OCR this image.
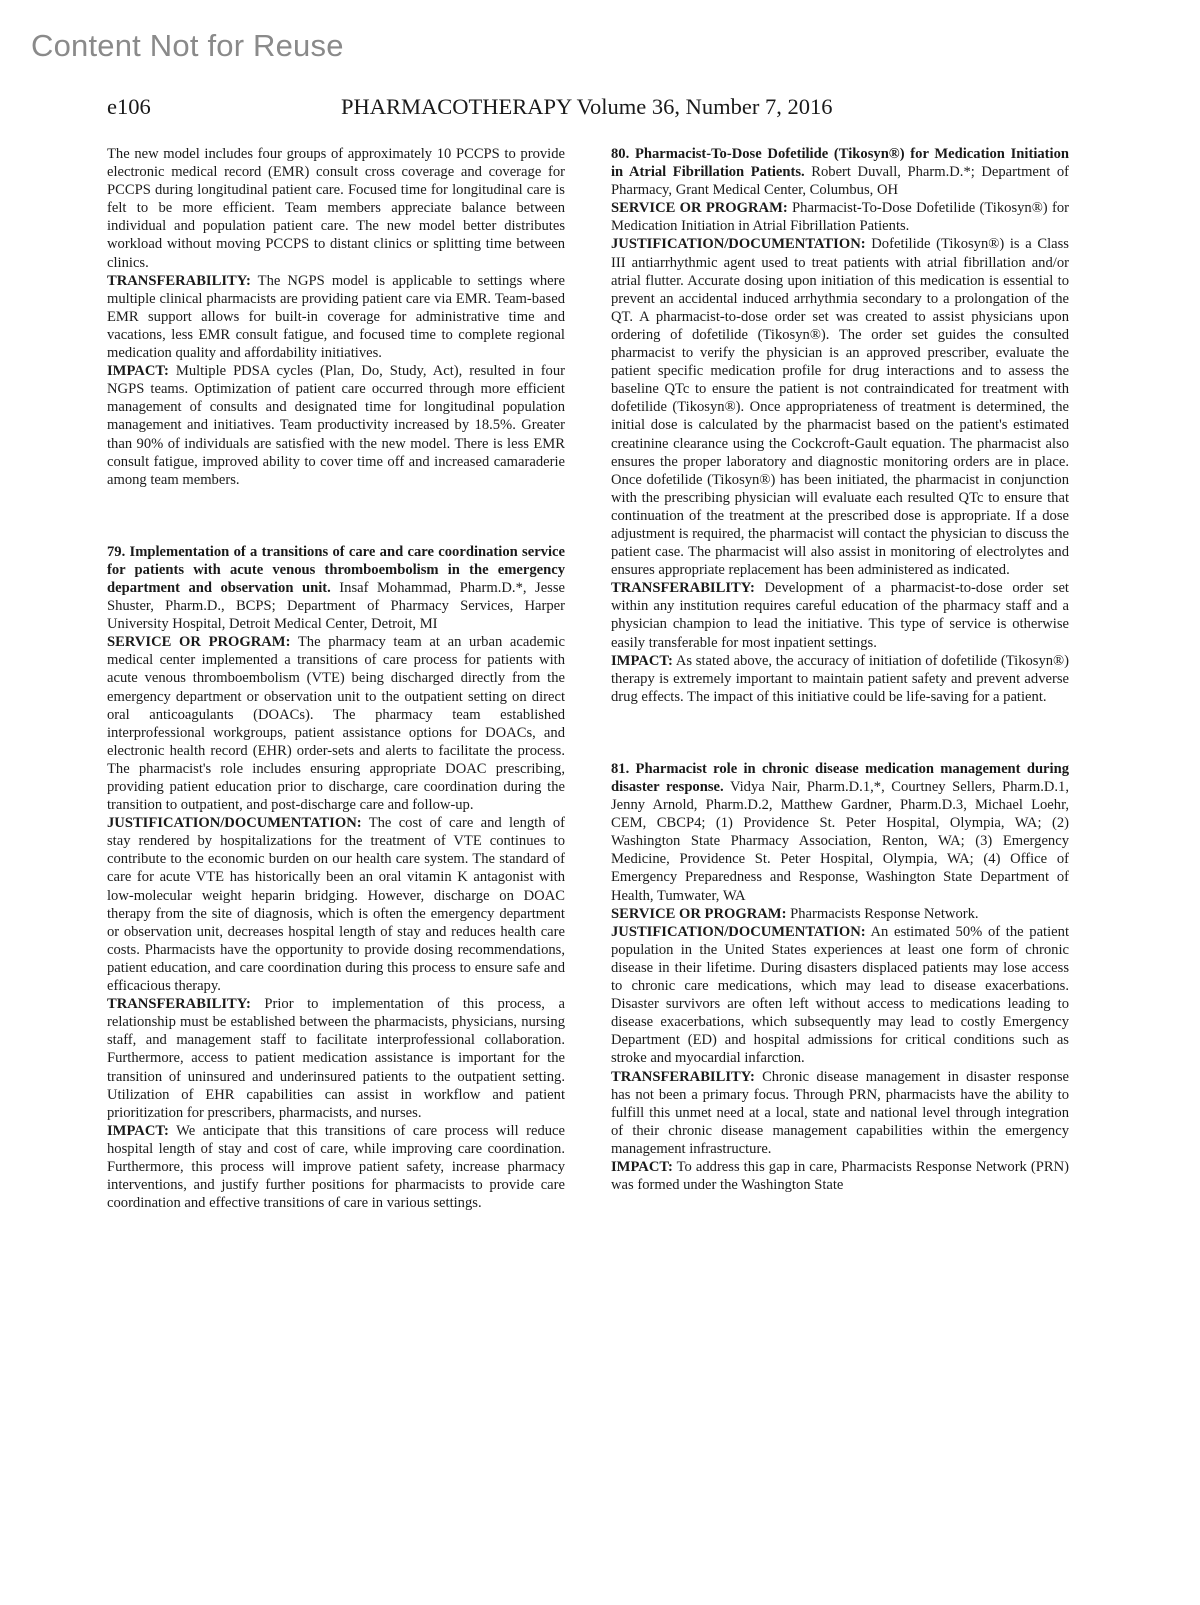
Content Not for Reuse
e106	PHARMACOTHERAPY Volume 36, Number 7, 2016

The new model includes four groups of approximately 10 PCCPS to provide electronic medical record (EMR) consult cross coverage and coverage for PCCPS during longitudinal patient care. Focused time for longitudinal care is felt to be more efficient. Team members appreciate balance between individual and population patient care. The new model better distributes workload without moving PCCPS to distant clinics or splitting time between clinics.

TRANSFERABILITY: The NGPS model is applicable to settings where multiple clinical pharmacists are providing patient care via EMR. Team-based EMR support allows for built-in coverage for administrative time and vacations, less EMR consult fatigue, and focused time to complete regional medication quality and affordability initiatives.

IMPACT: Multiple PDSA cycles (Plan, Do, Study, Act), resulted in four NGPS teams. Optimization of patient care occurred through more efficient management of consults and designated time for longitudinal population management and initiatives. Team productivity increased by 18.5%. Greater than 90% of individuals are satisfied with the new model. There is less EMR consult fatigue, improved ability to cover time off and increased camaraderie among team members.

79. Implementation of a transitions of care and care coordination service for patients with acute venous thromboembolism in the emergency department and observation unit. Insaf Mohammad, Pharm.D.*, Jesse Shuster, Pharm.D., BCPS; Department of Pharmacy Services, Harper University Hospital, Detroit Medical Center, Detroit, MI

SERVICE OR PROGRAM: The pharmacy team at an urban academic medical center implemented a transitions of care process for patients with acute venous thromboembolism (VTE) being discharged directly from the emergency department or observation unit to the outpatient setting on direct oral anticoagulants (DOACs). The pharmacy team established interprofessional workgroups, patient assistance options for DOACs, and electronic health record (EHR) order-sets and alerts to facilitate the process. The pharmacist's role includes ensuring appropriate DOAC prescribing, providing patient education prior to discharge, care coordination during the transition to outpatient, and post-discharge care and follow-up.

JUSTIFICATION/DOCUMENTATION: The cost of care and length of stay rendered by hospitalizations for the treatment of VTE continues to contribute to the economic burden on our health care system. The standard of care for acute VTE has historically been an oral vitamin K antagonist with low-molecular weight heparin bridging. However, discharge on DOAC therapy from the site of diagnosis, which is often the emergency department or observation unit, decreases hospital length of stay and reduces health care costs. Pharmacists have the opportunity to provide dosing recommendations, patient education, and care coordination during this process to ensure safe and efficacious therapy.

TRANSFERABILITY: Prior to implementation of this process, a relationship must be established between the pharmacists, physicians, nursing staff, and management staff to facilitate interprofessional collaboration. Furthermore, access to patient medication assistance is important for the transition of uninsured and underinsured patients to the outpatient setting. Utilization of EHR capabilities can assist in workflow and patient prioritization for prescribers, pharmacists, and nurses.

IMPACT: We anticipate that this transitions of care process will reduce hospital length of stay and cost of care, while improving care coordination. Furthermore, this process will improve patient safety, increase pharmacy interventions, and justify further positions for pharmacists to provide care coordination and effective transitions of care in various settings.

80. Pharmacist-To-Dose Dofetilide (Tikosyn®) for Medication Initiation in Atrial Fibrillation Patients. Robert Duvall, Pharm.D.*; Department of Pharmacy, Grant Medical Center, Columbus, OH

SERVICE OR PROGRAM: Pharmacist-To-Dose Dofetilide (Tikosyn®) for Medication Initiation in Atrial Fibrillation Patients.

JUSTIFICATION/DOCUMENTATION: Dofetilide (Tikosyn®) is a Class III antiarrhythmic agent used to treat patients with atrial fibrillation and/or atrial flutter. Accurate dosing upon initiation of this medication is essential to prevent an accidental induced arrhythmia secondary to a prolongation of the QT. A pharmacist-to-dose order set was created to assist physicians upon ordering of dofetilide (Tikosyn®). The order set guides the consulted pharmacist to verify the physician is an approved prescriber, evaluate the patient specific medication profile for drug interactions and to assess the baseline QTc to ensure the patient is not contraindicated for treatment with dofetilide (Tikosyn®). Once appropriateness of treatment is determined, the initial dose is calculated by the pharmacist based on the patient's estimated creatinine clearance using the Cockcroft-Gault equation. The pharmacist also ensures the proper laboratory and diagnostic monitoring orders are in place. Once dofetilide (Tikosyn®) has been initiated, the pharmacist in conjunction with the prescribing physician will evaluate each resulted QTc to ensure that continuation of the treatment at the prescribed dose is appropriate. If a dose adjustment is required, the pharmacist will contact the physician to discuss the patient case. The pharmacist will also assist in monitoring of electrolytes and ensures appropriate replacement has been administered as indicated.

TRANSFERABILITY: Development of a pharmacist-to-dose order set within any institution requires careful education of the pharmacy staff and a physician champion to lead the initiative. This type of service is otherwise easily transferable for most inpatient settings.

IMPACT: As stated above, the accuracy of initiation of dofetilide (Tikosyn®) therapy is extremely important to maintain patient safety and prevent adverse drug effects. The impact of this initiative could be life-saving for a patient.

81. Pharmacist role in chronic disease medication management during disaster response. Vidya Nair, Pharm.D.1,*, Courtney Sellers, Pharm.D.1, Jenny Arnold, Pharm.D.2, Matthew Gardner, Pharm.D.3, Michael Loehr, CEM, CBCP4; (1) Providence St. Peter Hospital, Olympia, WA; (2) Washington State Pharmacy Association, Renton, WA; (3) Emergency Medicine, Providence St. Peter Hospital, Olympia, WA; (4) Office of Emergency Preparedness and Response, Washington State Department of Health, Tumwater, WA

SERVICE OR PROGRAM: Pharmacists Response Network.

JUSTIFICATION/DOCUMENTATION: An estimated 50% of the patient population in the United States experiences at least one form of chronic disease in their lifetime. During disasters displaced patients may lose access to chronic care medications, which may lead to disease exacerbations. Disaster survivors are often left without access to medications leading to disease exacerbations, which subsequently may lead to costly Emergency Department (ED) and hospital admissions for critical conditions such as stroke and myocardial infarction.

TRANSFERABILITY: Chronic disease management in disaster response has not been a primary focus. Through PRN, pharmacists have the ability to fulfill this unmet need at a local, state and national level through integration of their chronic disease management capabilities within the emergency management infrastructure.

IMPACT: To address this gap in care, Pharmacists Response Network (PRN) was formed under the Washington State
